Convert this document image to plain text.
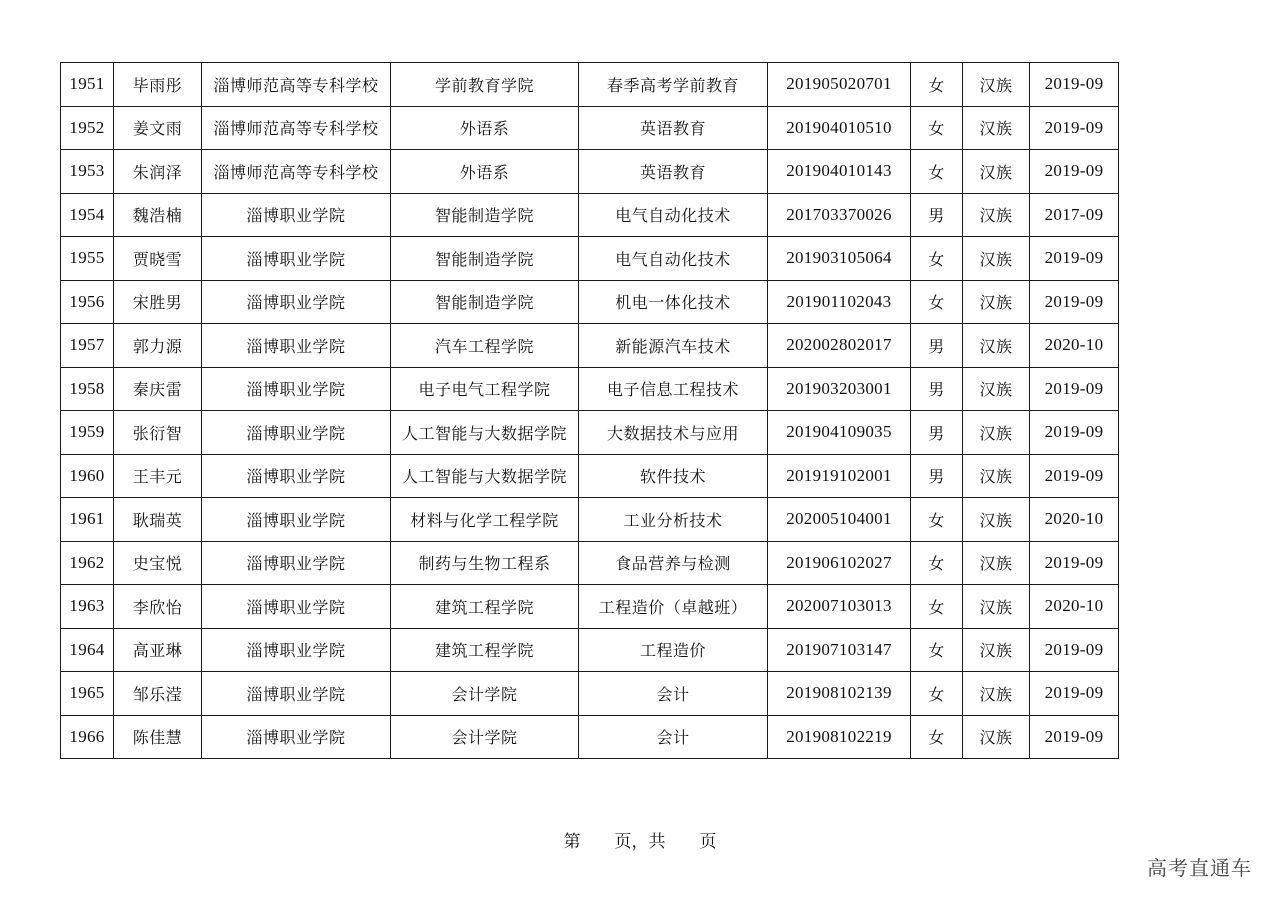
1951	毕雨彤	淄博师范高等专科学校	学前教育学院	春季高考学前教育	201905020701	女	汉族	2019-09
1952	姜文雨	淄博师范高等专科学校	外语系	英语教育	201904010510	女	汉族	2019-09
1953	朱润泽	淄博师范高等专科学校	外语系	英语教育	201904010143	女	汉族	2019-09
1954	魏浩楠	淄博职业学院	智能制造学院	电气自动化技术	201703370026	男	汉族	2017-09
1955	贾晓雪	淄博职业学院	智能制造学院	电气自动化技术	201903105064	女	汉族	2019-09
1956	宋胜男	淄博职业学院	智能制造学院	机电一体化技术	201901102043	女	汉族	2019-09
1957	郭力源	淄博职业学院	汽车工程学院	新能源汽车技术	202002802017	男	汉族	2020-10
1958	秦庆雷	淄博职业学院	电子电气工程学院	电子信息工程技术	201903203001	男	汉族	2019-09
1959	张衍智	淄博职业学院	人工智能与大数据学院	大数据技术与应用	201904109035	男	汉族	2019-09
1960	王丰元	淄博职业学院	人工智能与大数据学院	软件技术	201919102001	男	汉族	2019-09
1961	耿瑞英	淄博职业学院	材料与化学工程学院	工业分析技术	202005104001	女	汉族	2020-10
1962	史宝悦	淄博职业学院	制药与生物工程系	食品营养与检测	201906102027	女	汉族	2019-09
1963	李欣怡	淄博职业学院	建筑工程学院	工程造价（卓越班）	202007103013	女	汉族	2020-10
1964	高亚琳	淄博职业学院	建筑工程学院	工程造价	201907103147	女	汉族	2019-09
1965	邹乐滢	淄博职业学院	会计学院	会计	201908102139	女	汉族	2019-09
1966	陈佳慧	淄博职业学院	会计学院	会计	201908102219	女	汉族	2019-09
第 页，共 页
高考直通车
